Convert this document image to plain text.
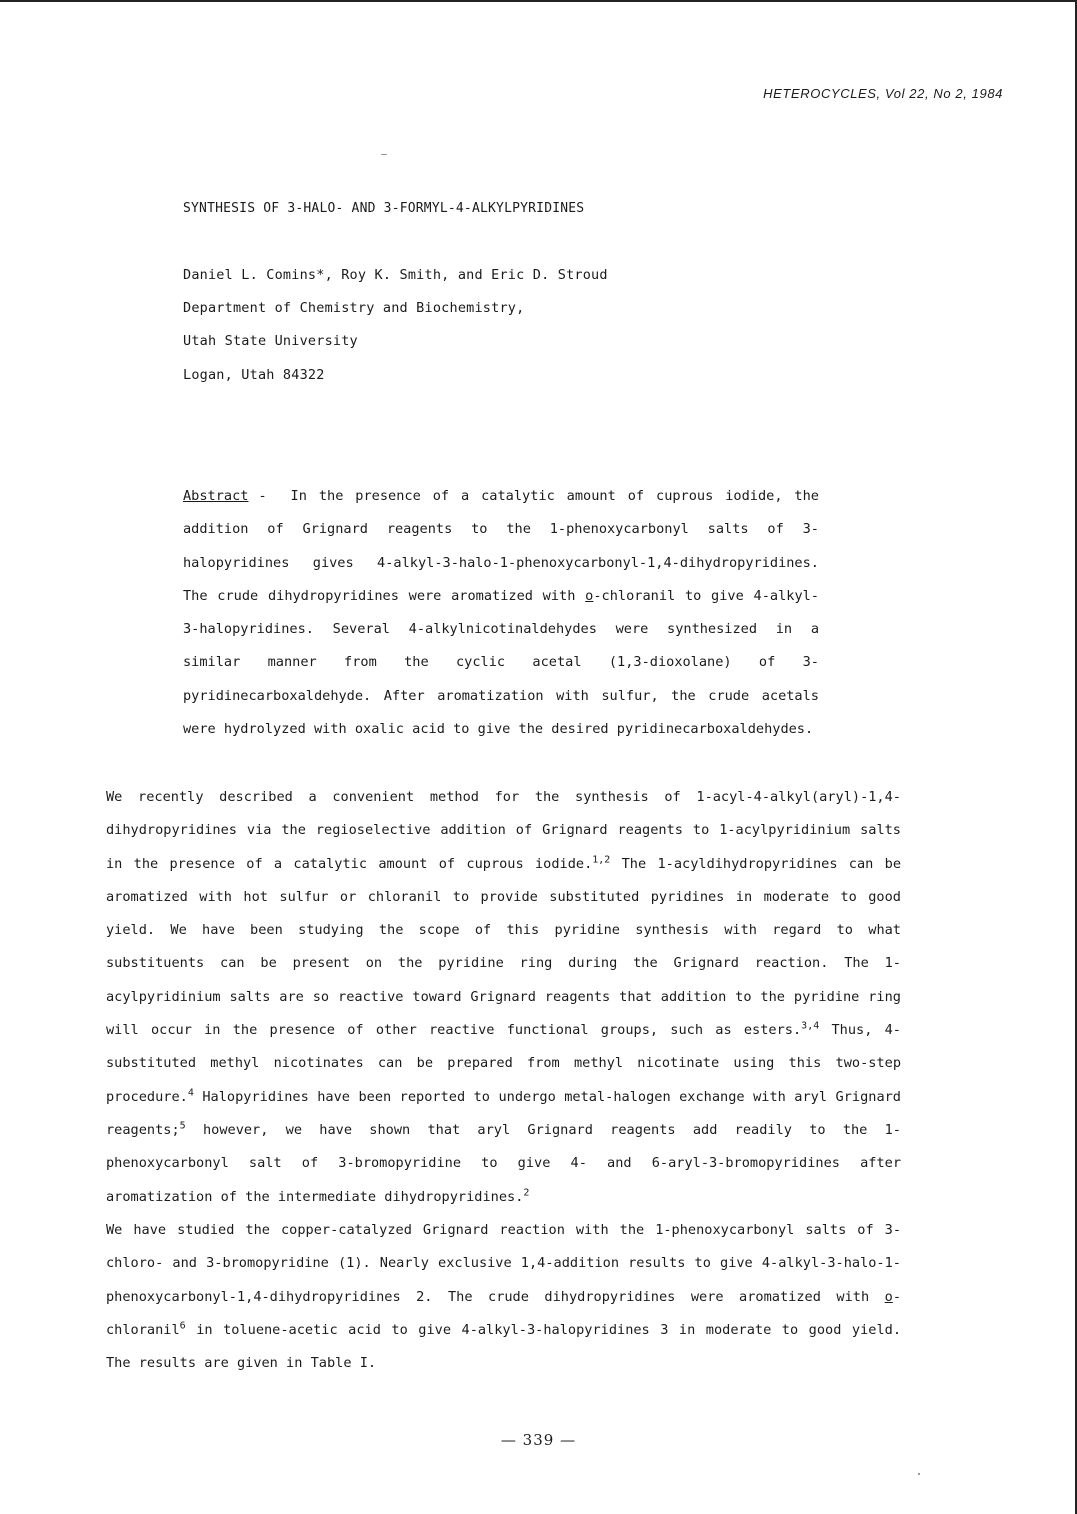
HETEROCYCLES, Vol 22, No 2, 1984
SYNTHESIS OF 3-HALO- AND 3-FORMYL-4-ALKYLPYRIDINES
Daniel L. Comins*, Roy K. Smith, and Eric D. Stroud
Department of Chemistry and Biochemistry,
Utah State University
Logan, Utah 84322
Abstract - In the presence of a catalytic amount of cuprous iodide, the addition of Grignard reagents to the 1-phenoxycarbonyl salts of 3-halopyridines gives 4-alkyl-3-halo-1-phenoxycarbonyl-1,4-dihydropyridines. The crude dihydropyridines were aromatized with o-chloranil to give 4-alkyl-3-halopyridines. Several 4-alkylnicotinaldehydes were synthesized in a similar manner from the cyclic acetal (1,3-dioxolane) of 3-pyridinecarboxaldehyde. After aromatization with sulfur, the crude acetals were hydrolyzed with oxalic acid to give the desired pyridinecarboxaldehydes.
We recently described a convenient method for the synthesis of 1-acyl-4-alkyl(aryl)-1,4-dihydropyridines via the regioselective addition of Grignard reagents to 1-acylpyridinium salts in the presence of a catalytic amount of cuprous iodide.$^{1,2}$ The 1-acyldihydropyridines can be aromatized with hot sulfur or chloranil to provide substituted pyridines in moderate to good yield. We have been studying the scope of this pyridine synthesis with regard to what substituents can be present on the pyridine ring during the Grignard reaction. The 1-acylpyridinium salts are so reactive toward Grignard reagents that addition to the pyridine ring will occur in the presence of other reactive functional groups, such as esters.$^{3,4}$ Thus, 4-substituted methyl nicotinates can be prepared from methyl nicotinate using this two-step procedure.$^4$ Halopyridines have been reported to undergo metal-halogen exchange with aryl Grignard reagents;$^5$ however, we have shown that aryl Grignard reagents add readily to the 1-phenoxycarbonyl salt of 3-bromopyridine to give 4- and 6-aryl-3-bromopyridines after aromatization of the intermediate dihydropyridines.$^2$
We have studied the copper-catalyzed Grignard reaction with the 1-phenoxycarbonyl salts of 3-chloro- and 3-bromopyridine (1). Nearly exclusive 1,4-addition results to give 4-alkyl-3-halo-1-phenoxycarbonyl-1,4-dihydropyridines 2. The crude dihydropyridines were aromatized with o-chloranil$^6$ in toluene-acetic acid to give 4-alkyl-3-halopyridines 3 in moderate to good yield. The results are given in Table I.
— 339 —
